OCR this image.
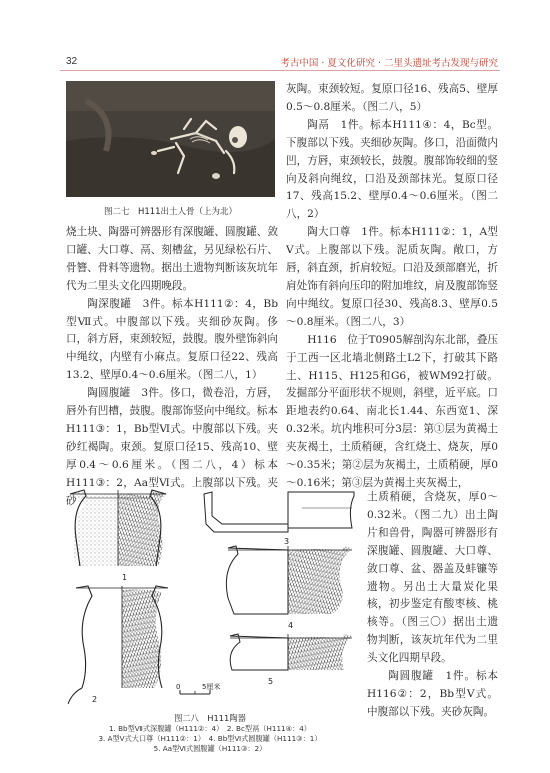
32	考古中国 · 夏文化研究 · 二里头遗址考古发现与研究
图二七　H111出土人骨（上为北）

烧土块、陶器可辨器形有深腹罐、圆腹罐、敛口罐、大口尊、鬲、刻槽盆，另见绿松石片、骨簪、骨料等遗物。据出土遗物判断该灰坑年代为二里头文化四期晚段。

陶深腹罐　3件。标本H111②：4，Bb型Ⅶ式。中腹部以下残。夹细砂灰陶。侈口，斜方唇，束颈较短，鼓腹。腹外壁饰斜向中绳纹，内壁有小麻点。复原口径22、残高13.2、壁厚0.4～0.6厘米。（图二八，1）

陶圆腹罐　3件。侈口，微卷沿，方唇，唇外有凹槽，鼓腹。腹部饰竖向中绳纹。标本H111③：1，Bb型Ⅵ式。中腹部以下残。夹砂红褐陶。束颈。复原口径15、残高10、壁厚0.4～0.6厘米。（图二八，4）标本H111③：2，Aa型Ⅵ式。上腹部以下残。夹砂

灰陶。束颈较短。复原口径16、残高5、壁厚0.5～0.8厘米。（图二八，5）

陶鬲　1件。标本H111④：4，Bc型。下腹部以下残。夹细砂灰陶。侈口，沿面微内凹，方唇，束颈较长，鼓腹。腹部饰较细的竖向及斜向绳纹，口沿及颈部抹光。复原口径17、残高15.2、壁厚0.4～0.6厘米。（图二八，2）

陶大口尊　1件。标本H111②：1，A型Ⅴ式。上腹部以下残。泥质灰陶。敞口，方唇，斜直颈，折肩较短。口沿及颈部磨光，折肩处饰有斜向压印的附加堆纹，肩及腹部饰竖向中绳纹。复原口径30、残高8.3、壁厚0.5～0.8厘米。（图二八，3）

H116　位于T0905解剖沟东北部，叠压于工西一区北墙北侧路土L2下，打破其下路土、H115、H125和G6，被WM92打破。发掘部分平面形状不规则，斜壁，近平底。口距地表约0.64、南北长1.44、东西宽1、深0.32米。坑内堆积可分3层：第①层为黄褐土夹灰褐土，土质稍硬，含红烧土、烧灰，厚0～0.35米；第②层为灰褐土，土质稍硬，厚0～0.16米；第③层为黄褐土夹灰褐土，

土质稍硬，含烧灰，厚0～0.32米。（图二九）出土陶片和兽骨，陶器可辨器形有深腹罐、圆腹罐、大口尊、敛口尊、盆、器盖及蚌镰等遗物。另出土大量炭化果核，初步鉴定有酸枣核、桃核等。（图三〇）据出土遗物判断，该灰坑年代为二里头文化四期早段。

陶圆腹罐　1件。标本H116②：2，Bb型Ⅴ式。中腹部以下残。夹砂灰陶。

1
2
3
4
5
0	5厘米
图二八　H111陶器
1. Bb型Ⅶ式深腹罐（H111②：4）　2. Bc型鬲（H111④：4）
3. A型Ⅴ式大口尊（H111②：1）　4. Bb型Ⅵ式圆腹罐（H111③：1）
5. Aa型Ⅵ式圆腹罐（H111③：2）
